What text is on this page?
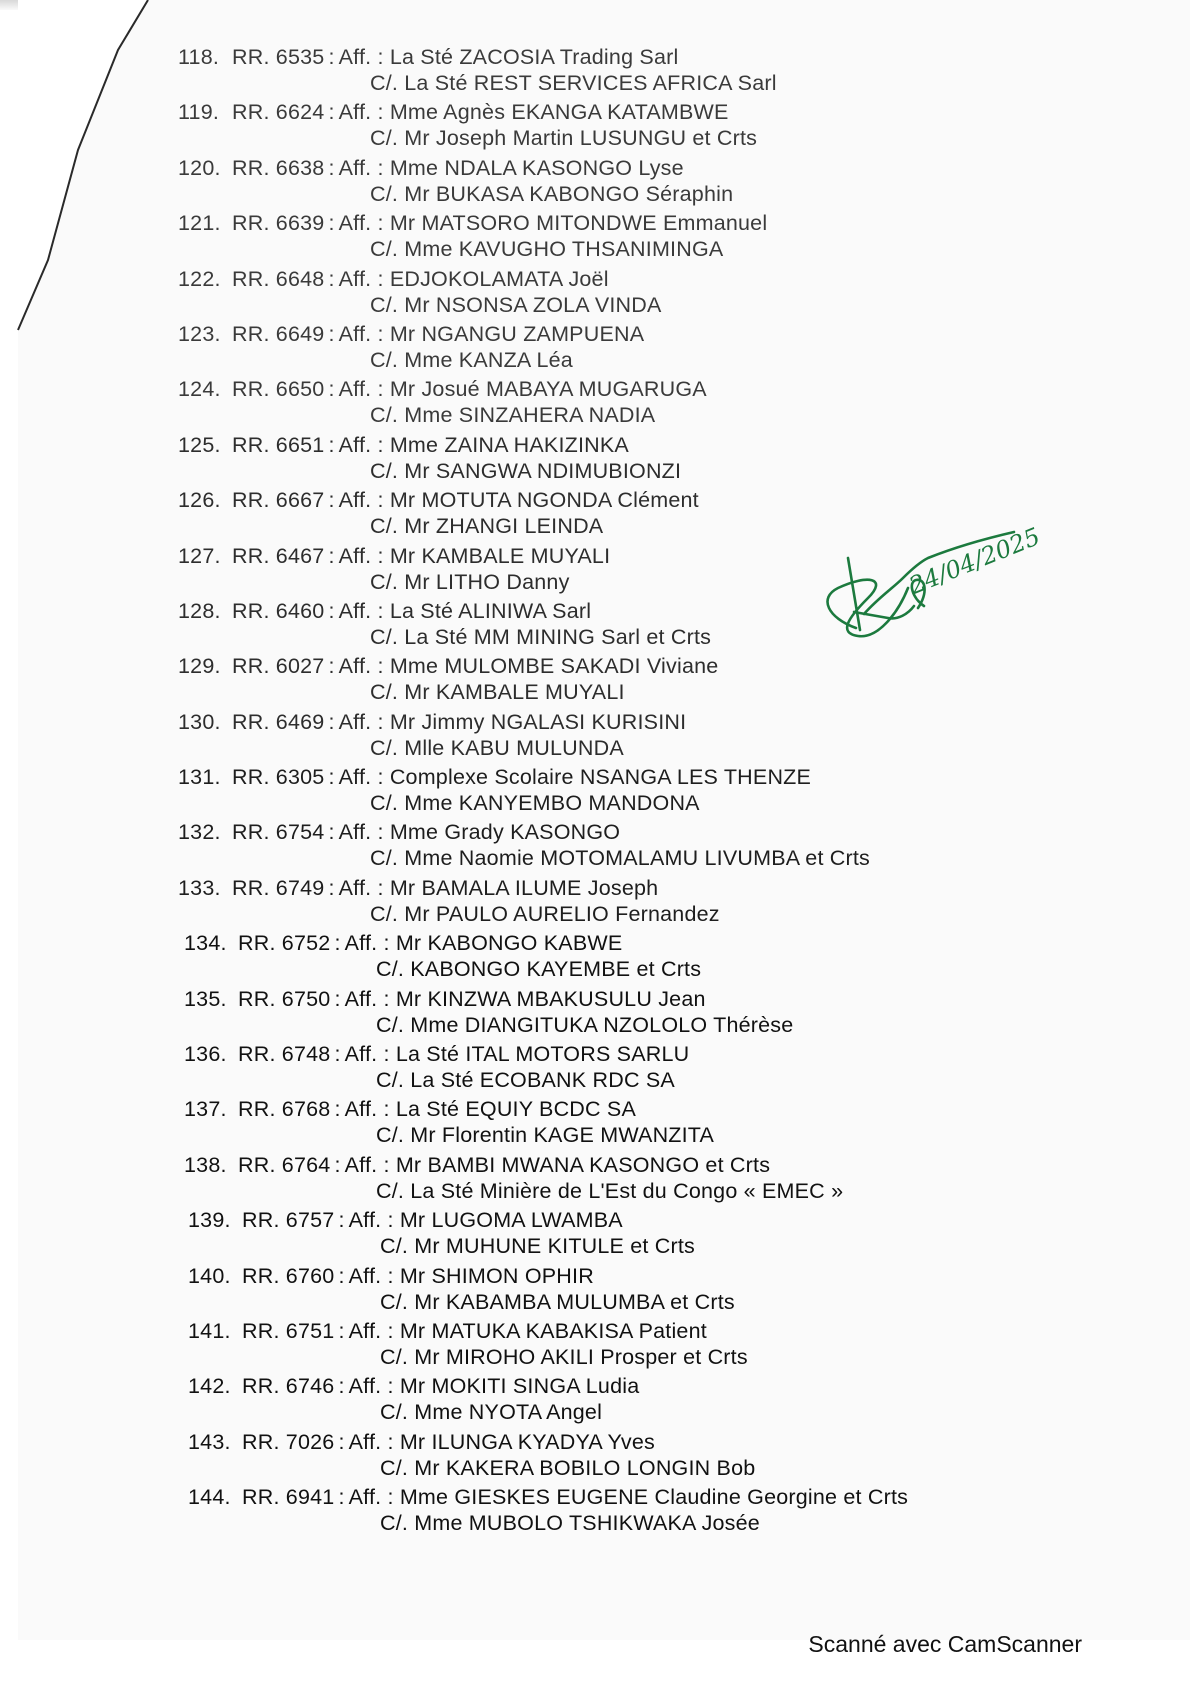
118. RR. 6535 : Aff. : La Sté ZACOSIA Trading Sarl
C/. La Sté REST SERVICES AFRICA Sarl
119. RR. 6624 : Aff. : Mme Agnès EKANGA KATAMBWE
C/. Mr Joseph Martin LUSUNGU et Crts
120. RR. 6638 : Aff. : Mme NDALA KASONGO Lyse
C/. Mr BUKASA KABONGO Séraphin
121. RR. 6639 : Aff. : Mr MATSORO MITONDWE Emmanuel
C/. Mme KAVUGHO THSANIMINGA
122. RR. 6648 : Aff. : EDJOKOLAMATA Joël
C/. Mr NSONSA ZOLA VINDA
123. RR. 6649 : Aff. : Mr NGANGU ZAMPUENA
C/. Mme KANZA Léa
124. RR. 6650 : Aff. : Mr Josué MABAYA MUGARUGA
C/. Mme SINZAHERA NADIA
125. RR. 6651 : Aff. : Mme ZAINA HAKIZINKA
C/. Mr SANGWA NDIMUBIONZI
126. RR. 6667 : Aff. : Mr MOTUTA NGONDA Clément
C/. Mr ZHANGI LEINDA
127. RR. 6467 : Aff. : Mr KAMBALE MUYALI
C/. Mr LITHO Danny
128. RR. 6460 : Aff. : La Sté ALINIWA Sarl
C/. La Sté MM MINING Sarl et Crts
129. RR. 6027 : Aff. : Mme MULOMBE SAKADI Viviane
C/. Mr KAMBALE MUYALI
130. RR. 6469 : Aff. : Mr Jimmy NGALASI KURISINI
C/. Mlle KABU MULUNDA
131. RR. 6305 : Aff. : Complexe Scolaire NSANGA LES THENZE
C/. Mme KANYEMBO MANDONA
132. RR. 6754 : Aff. : Mme Grady KASONGO
C/. Mme Naomie MOTOMALAMU LIVUMBA et Crts
133. RR. 6749 : Aff. : Mr BAMALA ILUME Joseph
C/. Mr PAULO AURELIO Fernandez
134. RR. 6752 : Aff. : Mr KABONGO KABWE
C/. KABONGO KAYEMBE et Crts
135. RR. 6750 : Aff. : Mr KINZWA MBAKUSULU Jean
C/. Mme DIANGITUKA NZOLOLO Thérèse
136. RR. 6748 : Aff. : La Sté ITAL MOTORS SARLU
C/. La Sté ECOBANK RDC SA
137. RR. 6768 : Aff. : La Sté EQUIY BCDC SA
C/. Mr Florentin KAGE MWANZITA
138. RR. 6764 : Aff. : Mr BAMBI MWANA KASONGO et Crts
C/. La Sté Minière de L'Est du Congo « EMEC »
139. RR. 6757 : Aff. : Mr LUGOMA LWAMBA
C/. Mr MUHUNE KITULE et Crts
140. RR. 6760 : Aff. : Mr SHIMON OPHIR
C/. Mr KABAMBA MULUMBA et Crts
141. RR. 6751 : Aff. : Mr MATUKA KABAKISA Patient
C/. Mr MIROHO AKILI Prosper et Crts
142. RR. 6746 : Aff. : Mr MOKITI SINGA Ludia
C/. Mme NYOTA Angel
143. RR. 7026 : Aff. : Mr ILUNGA KYADYA Yves
C/. Mr KAKERA BOBILO LONGIN Bob
144. RR. 6941 : Aff. : Mme GIESKES EUGENE Claudine Georgine et Crts
C/. Mme MUBOLO TSHIKWAKA Josée
24/04/2025
Scanné avec CamScanner
